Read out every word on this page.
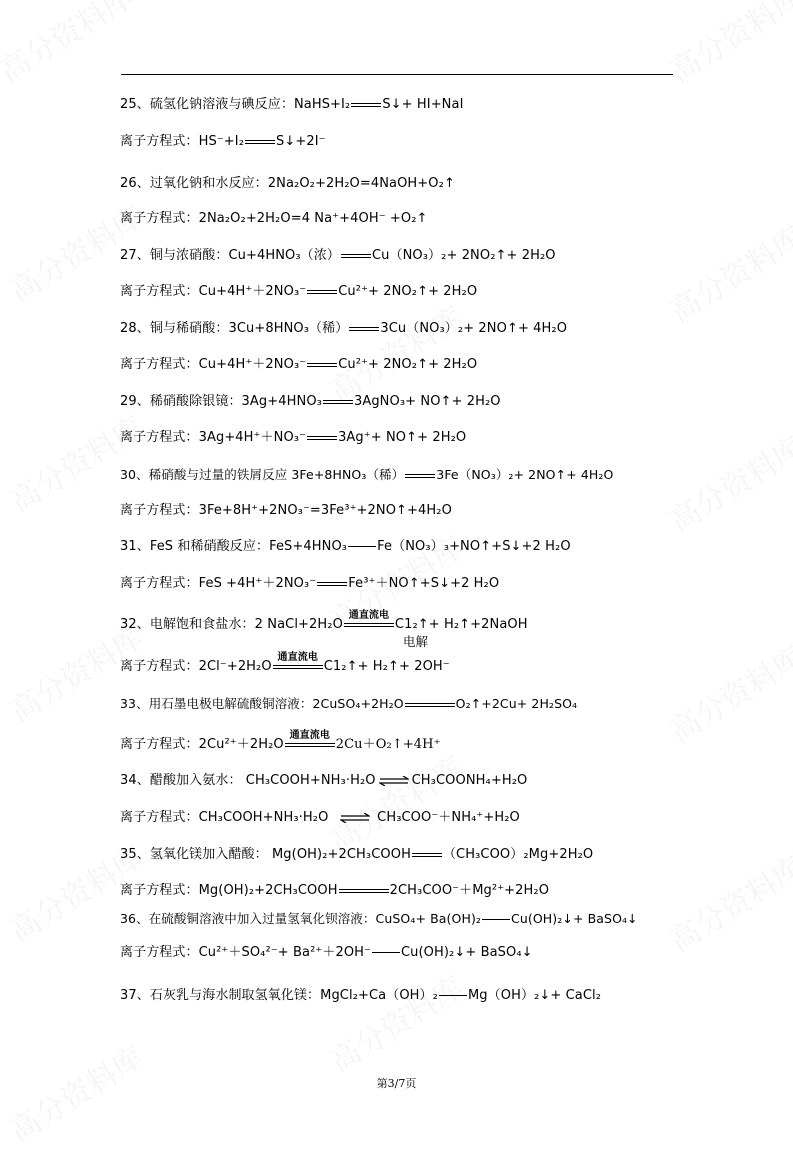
25、硫氢化钠溶液与碘反应：NaHS+I₂ S↓+ HI+NaI
离子方程式：HS⁻+I₂ S↓+2I⁻
26、过氧化钠和水反应：2Na₂O₂+2H₂O=4NaOH+O₂↑
离子方程式：2Na₂O₂+2H₂O=4 Na⁺+4OH⁻ +O₂↑
27、铜与浓硝酸：Cu+4HNO₃（浓） Cu（NO₃）₂+ 2NO₂↑+ 2H₂O
离子方程式：Cu+4H⁺＋2NO₃⁻ Cu²⁺+ 2NO₂↑+ 2H₂O
28、铜与稀硝酸：3Cu+8HNO₃（稀） 3Cu（NO₃）₂+ 2NO↑+ 4H₂O
离子方程式：Cu+4H⁺＋2NO₃⁻ Cu²⁺+ 2NO₂↑+ 2H₂O
29、稀硝酸除银镜：3Ag+4HNO₃ 3AgNO₃+ NO↑+ 2H₂O
离子方程式：3Ag+4H⁺＋NO₃⁻ 3Ag⁺+ NO↑+ 2H₂O
30、稀硝酸与过量的铁屑反应 3Fe+8HNO₃（稀）	3Fe（NO₃）₂+ 2NO↑+ 4H₂O
离子方程式：3Fe+8H⁺+2NO₃⁻=3Fe³⁺+2NO↑+4H₂O
31、FeS 和稀硝酸反应：FeS+4HNO₃ Fe（NO₃）₃+NO↑+S↓+2 H₂O
离子方程式：FeS +4H⁺＋2NO₃⁻ Fe³⁺＋NO↑+S↓+2 H₂O
32、电解饱和食盐水：2 NaCl+2H₂O
通直流电
C1₂↑+ H₂↑+2NaOH
电解
离子方程式：2Cl⁻+2H₂O
通直流电
C1₂↑+ H₂↑+ 2OH⁻
33、用石墨电极电解硫酸铜溶液：2CuSO₄+2H₂O	O₂↑+2Cu+ 2H₂SO₄
离子方程式：2Cu²⁺＋2H₂O
通直流电
2Cu＋O₂↑+4H⁺
34、醋酸加入氨水： CH₃COOH+NH₃·H₂O ⇌ CH₃COONH₄+H₂O
离子方程式：CH₃COOH+NH₃·H₂O ⇌ CH₃COO⁻＋NH₄⁺+H₂O
35、氢氧化镁加入醋酸： Mg(OH)₂+2CH₃COOH （CH₃COO）₂Mg+2H₂O
离子方程式：Mg(OH)₂+2CH₃COOH	2CH₃COO⁻＋Mg²⁺+2H₂O
36、在硫酸铜溶液中加入过量氢氧化钡溶液：CuSO₄+ Ba(OH)₂ Cu(OH)₂↓+ BaSO₄↓
离子方程式：Cu²⁺＋SO₄²⁻+ Ba²⁺＋2OH⁻ Cu(OH)₂↓+ BaSO₄↓
37、石灰乳与海水制取氢氧化镁：MgCl₂+Ca（OH）₂ Mg（OH）₂↓+ CaCl₂
第3/7页
